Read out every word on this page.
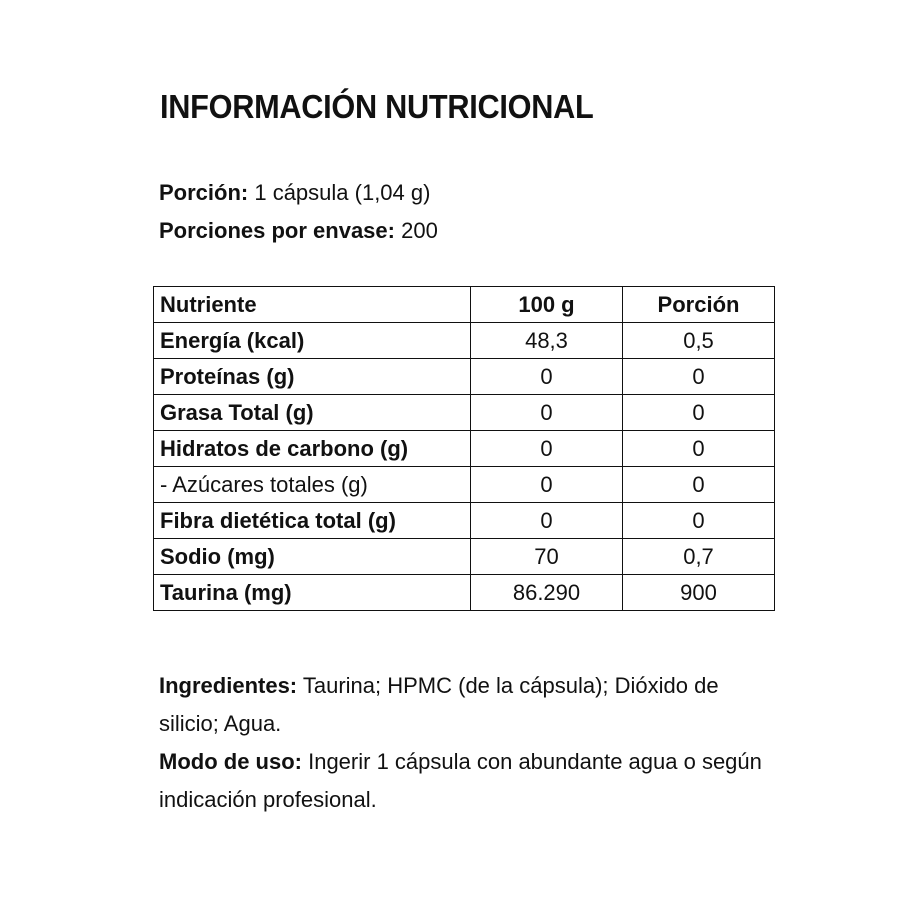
INFORMACIÓN NUTRICIONAL
Porción: 1 cápsula (1,04 g)
Porciones por envase: 200
Nutriente	100 g	Porción
Energía (kcal)	48,3	0,5
Proteínas (g)	0	0
Grasa Total (g)	0	0
Hidratos de carbono (g)	0	0
- Azúcares totales (g)	0	0
Fibra dietética total (g)	0	0
Sodio (mg)	70	0,7
Taurina (mg)	86.290	900

Ingredientes: Taurina; HPMC (de la cápsula); Dióxido de silicio; Agua.

Modo de uso: Ingerir 1 cápsula con abundante agua o según indicación profesional.
